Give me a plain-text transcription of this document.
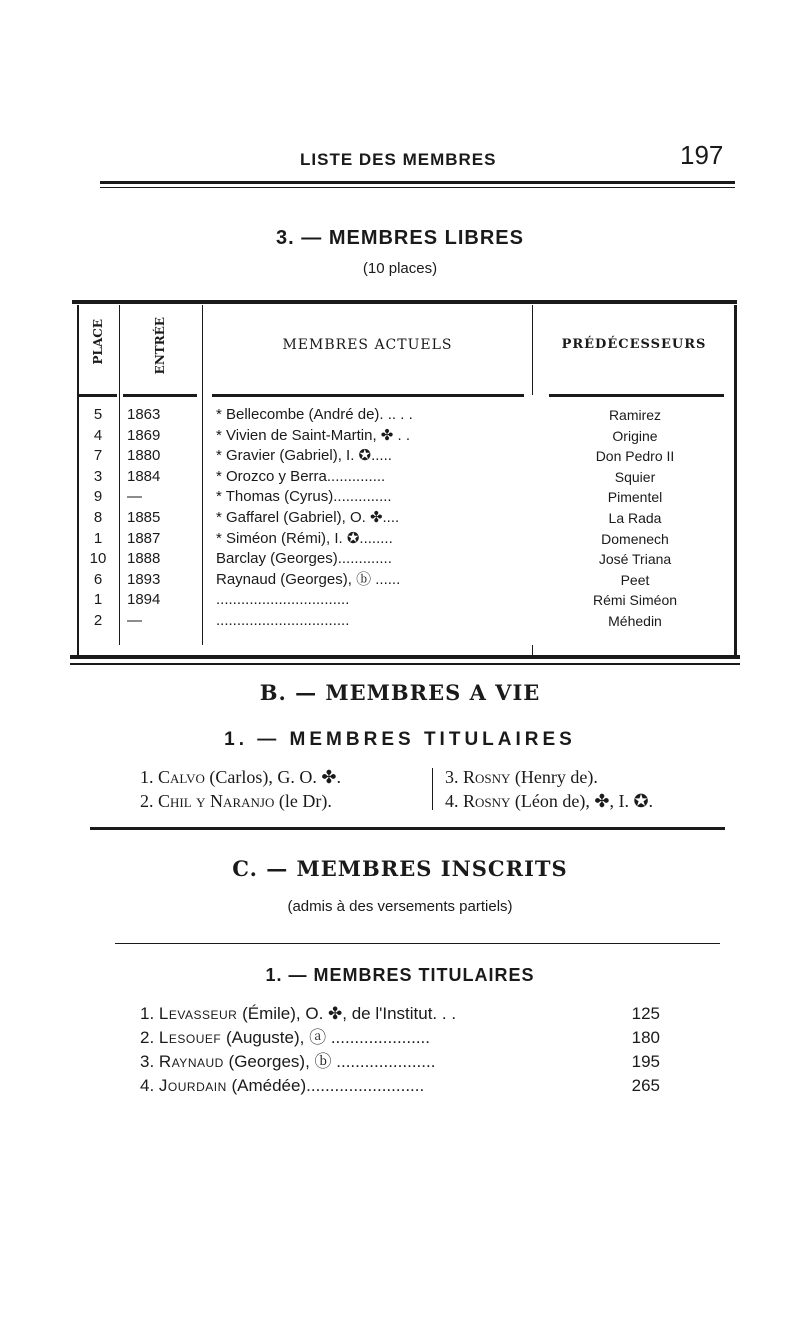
LISTE DES MEMBRES	197
3. — MEMBRES LIBRES
(10 places)
PLACE	ENTRÉE	MEMBRES ACTUELS	PRÉDÉCESSEURS
5	1863	* Bellecombe (André de). .. . .	Ramirez
4	1869	* Vivien de Saint-Martin, ✤ . .	Origine
7	1880	* Gravier (Gabriel), I. ✪.....	Don Pedro II
3	1884	* Orozco y Berra..............	Squier
9	—	* Thomas (Cyrus)..............	Pimentel
8	1885	* Gaffarel (Gabriel), O. ✤....	La Rada
1	1887	* Siméon (Rémi), I. ✪........	Domenech
10	1888	Barclay (Georges).............	José Triana
6	1893	Raynaud (Georges), ⓑ ......	Peet
1	1894	................................	Rémi Siméon
2	—	................................	Méhedin
B. — MEMBRES A VIE
1. — MEMBRES TITULAIRES
1. Calvo (Carlos), G. O. ✤.
2. Chil y Naranjo (le Dr).
3. Rosny (Henry de).
4. Rosny (Léon de), ✤, I. ✪.
C. — MEMBRES INSCRITS
(admis à des versements partiels)
1. — MEMBRES TITULAIRES
1. Levasseur (Émile), O. ✤, de l'Institut. . .	125
2. Lesouef (Auguste), ⓐ .....................	180
3. Raynaud (Georges), ⓑ .....................	195
4. Jourdain (Amédée).........................	265
